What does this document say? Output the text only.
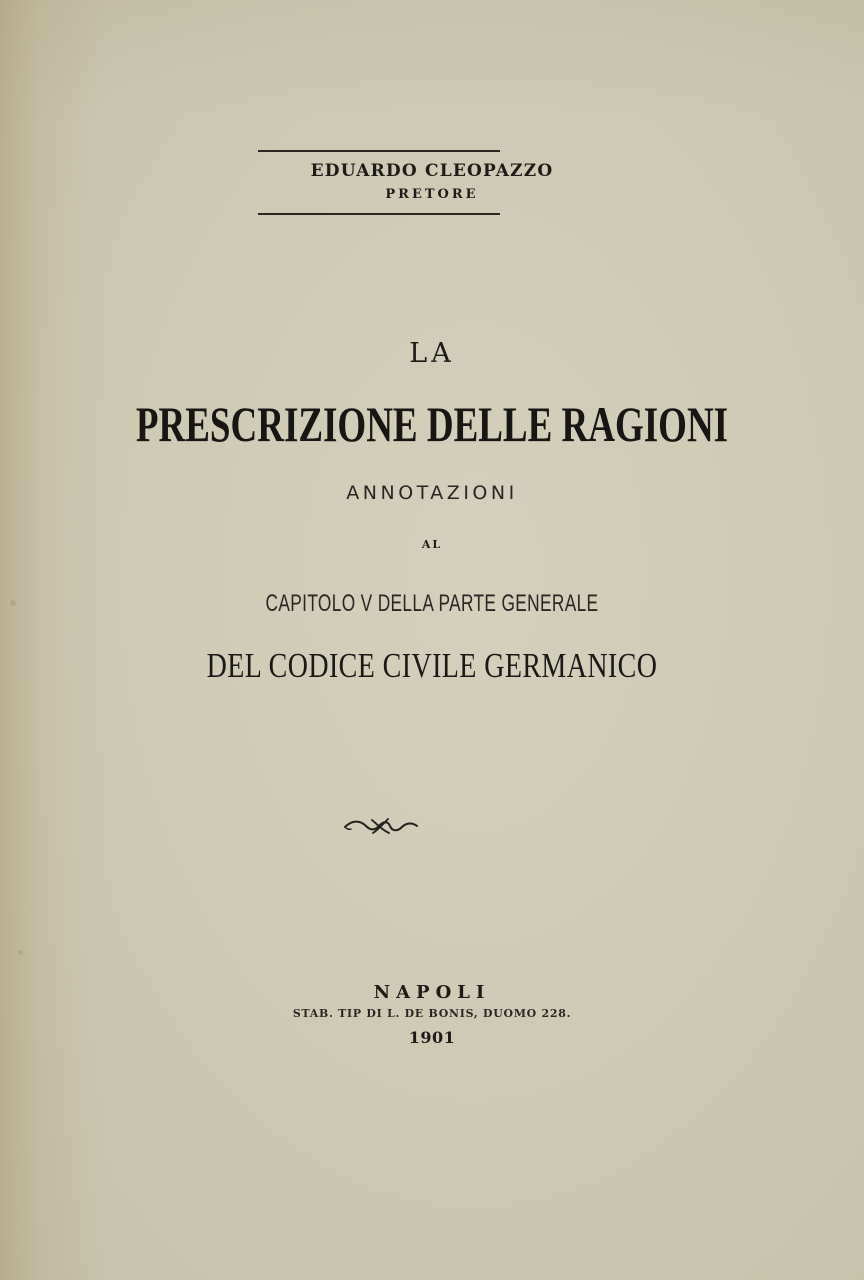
EDUARDO CLEOPAZZO
PRETORE
LA
PRESCRIZIONE DELLE RAGIONI
ANNOTAZIONI
AL
CAPITOLO V DELLA PARTE GENERALE
DEL CODICE CIVILE GERMANICO
NAPOLI
STAB. TIP DI L. DE BONIS, DUOMO 228.
1901
